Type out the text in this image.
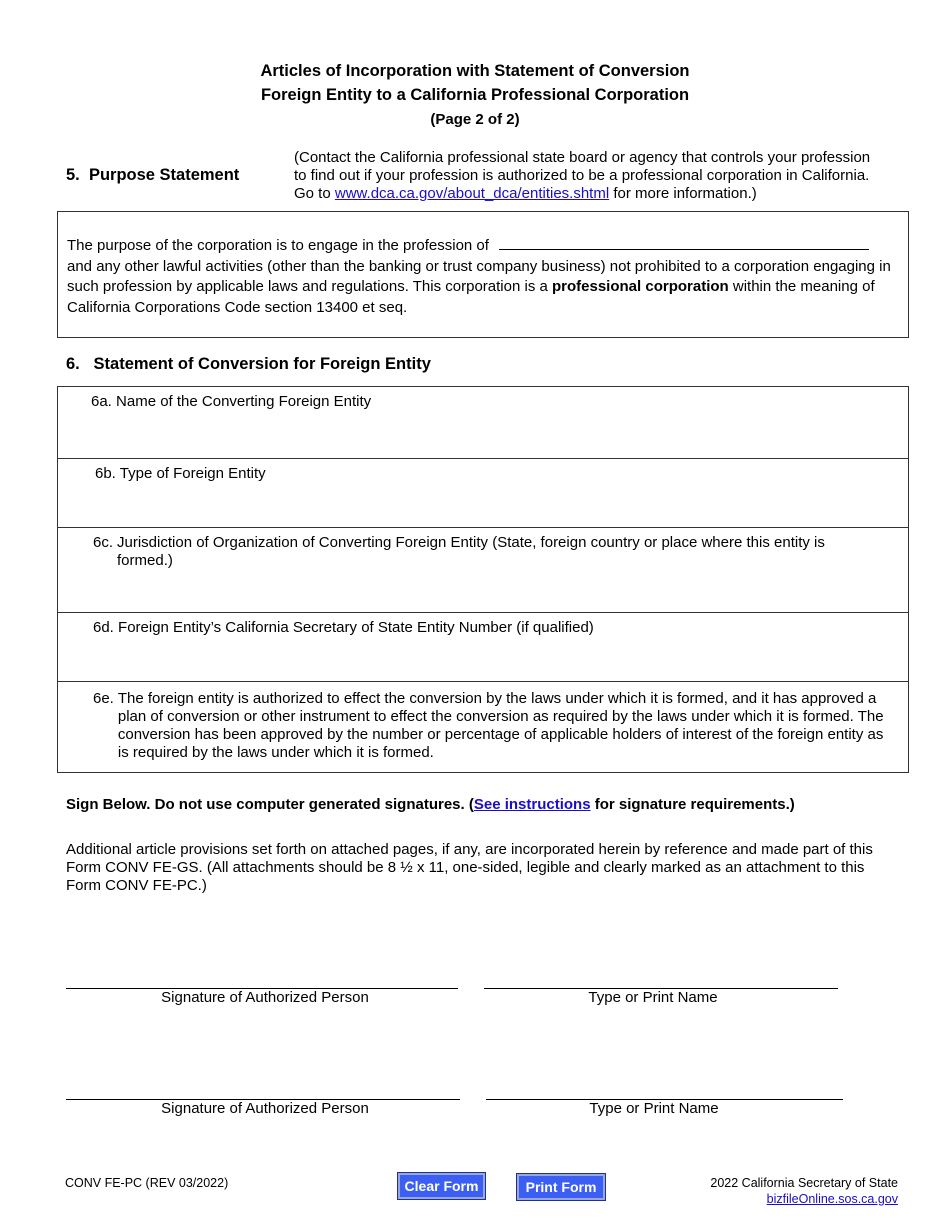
Articles of Incorporation with Statement of Conversion
Foreign Entity to a California Professional Corporation
(Page 2 of 2)
5. Purpose Statement
(Contact the California professional state board or agency that controls your profession to find out if your profession is authorized to be a professional corporation in California. Go to www.dca.ca.gov/about_dca/entities.shtml for more information.)
The purpose of the corporation is to engage in the profession of  and any other lawful activities (other than the banking or trust company business) not prohibited to a corporation engaging in such profession by applicable laws and regulations. This corporation is a professional corporation within the meaning of California Corporations Code section 13400 et seq.
6. Statement of Conversion for Foreign Entity
6a. Name of the Converting Foreign Entity
6b. Type of Foreign Entity
6c. Jurisdiction of Organization of Converting Foreign Entity (State, foreign country or place where this entity is formed.)
6d. Foreign Entity’s California Secretary of State Entity Number (if qualified)
6e. The foreign entity is authorized to effect the conversion by the laws under which it is formed, and it has approved a plan of conversion or other instrument to effect the conversion as required by the laws under which it is formed. The conversion has been approved by the number or percentage of applicable holders of interest of the foreign entity as is required by the laws under which it is formed.
Sign Below. Do not use computer generated signatures. (See instructions for signature requirements.)
Additional article provisions set forth on attached pages, if any, are incorporated herein by reference and made part of this Form CONV FE-GS. (All attachments should be 8 ½ x 11, one-sided, legible and clearly marked as an attachment to this Form CONV FE-PC.)
Signature of Authorized Person	Type or Print Name
Signature of Authorized Person	Type or Print Name
CONV FE-PC (REV 03/2022)	Clear Form	Print Form	2022 California Secretary of State
bizfileOnline.sos.ca.gov
